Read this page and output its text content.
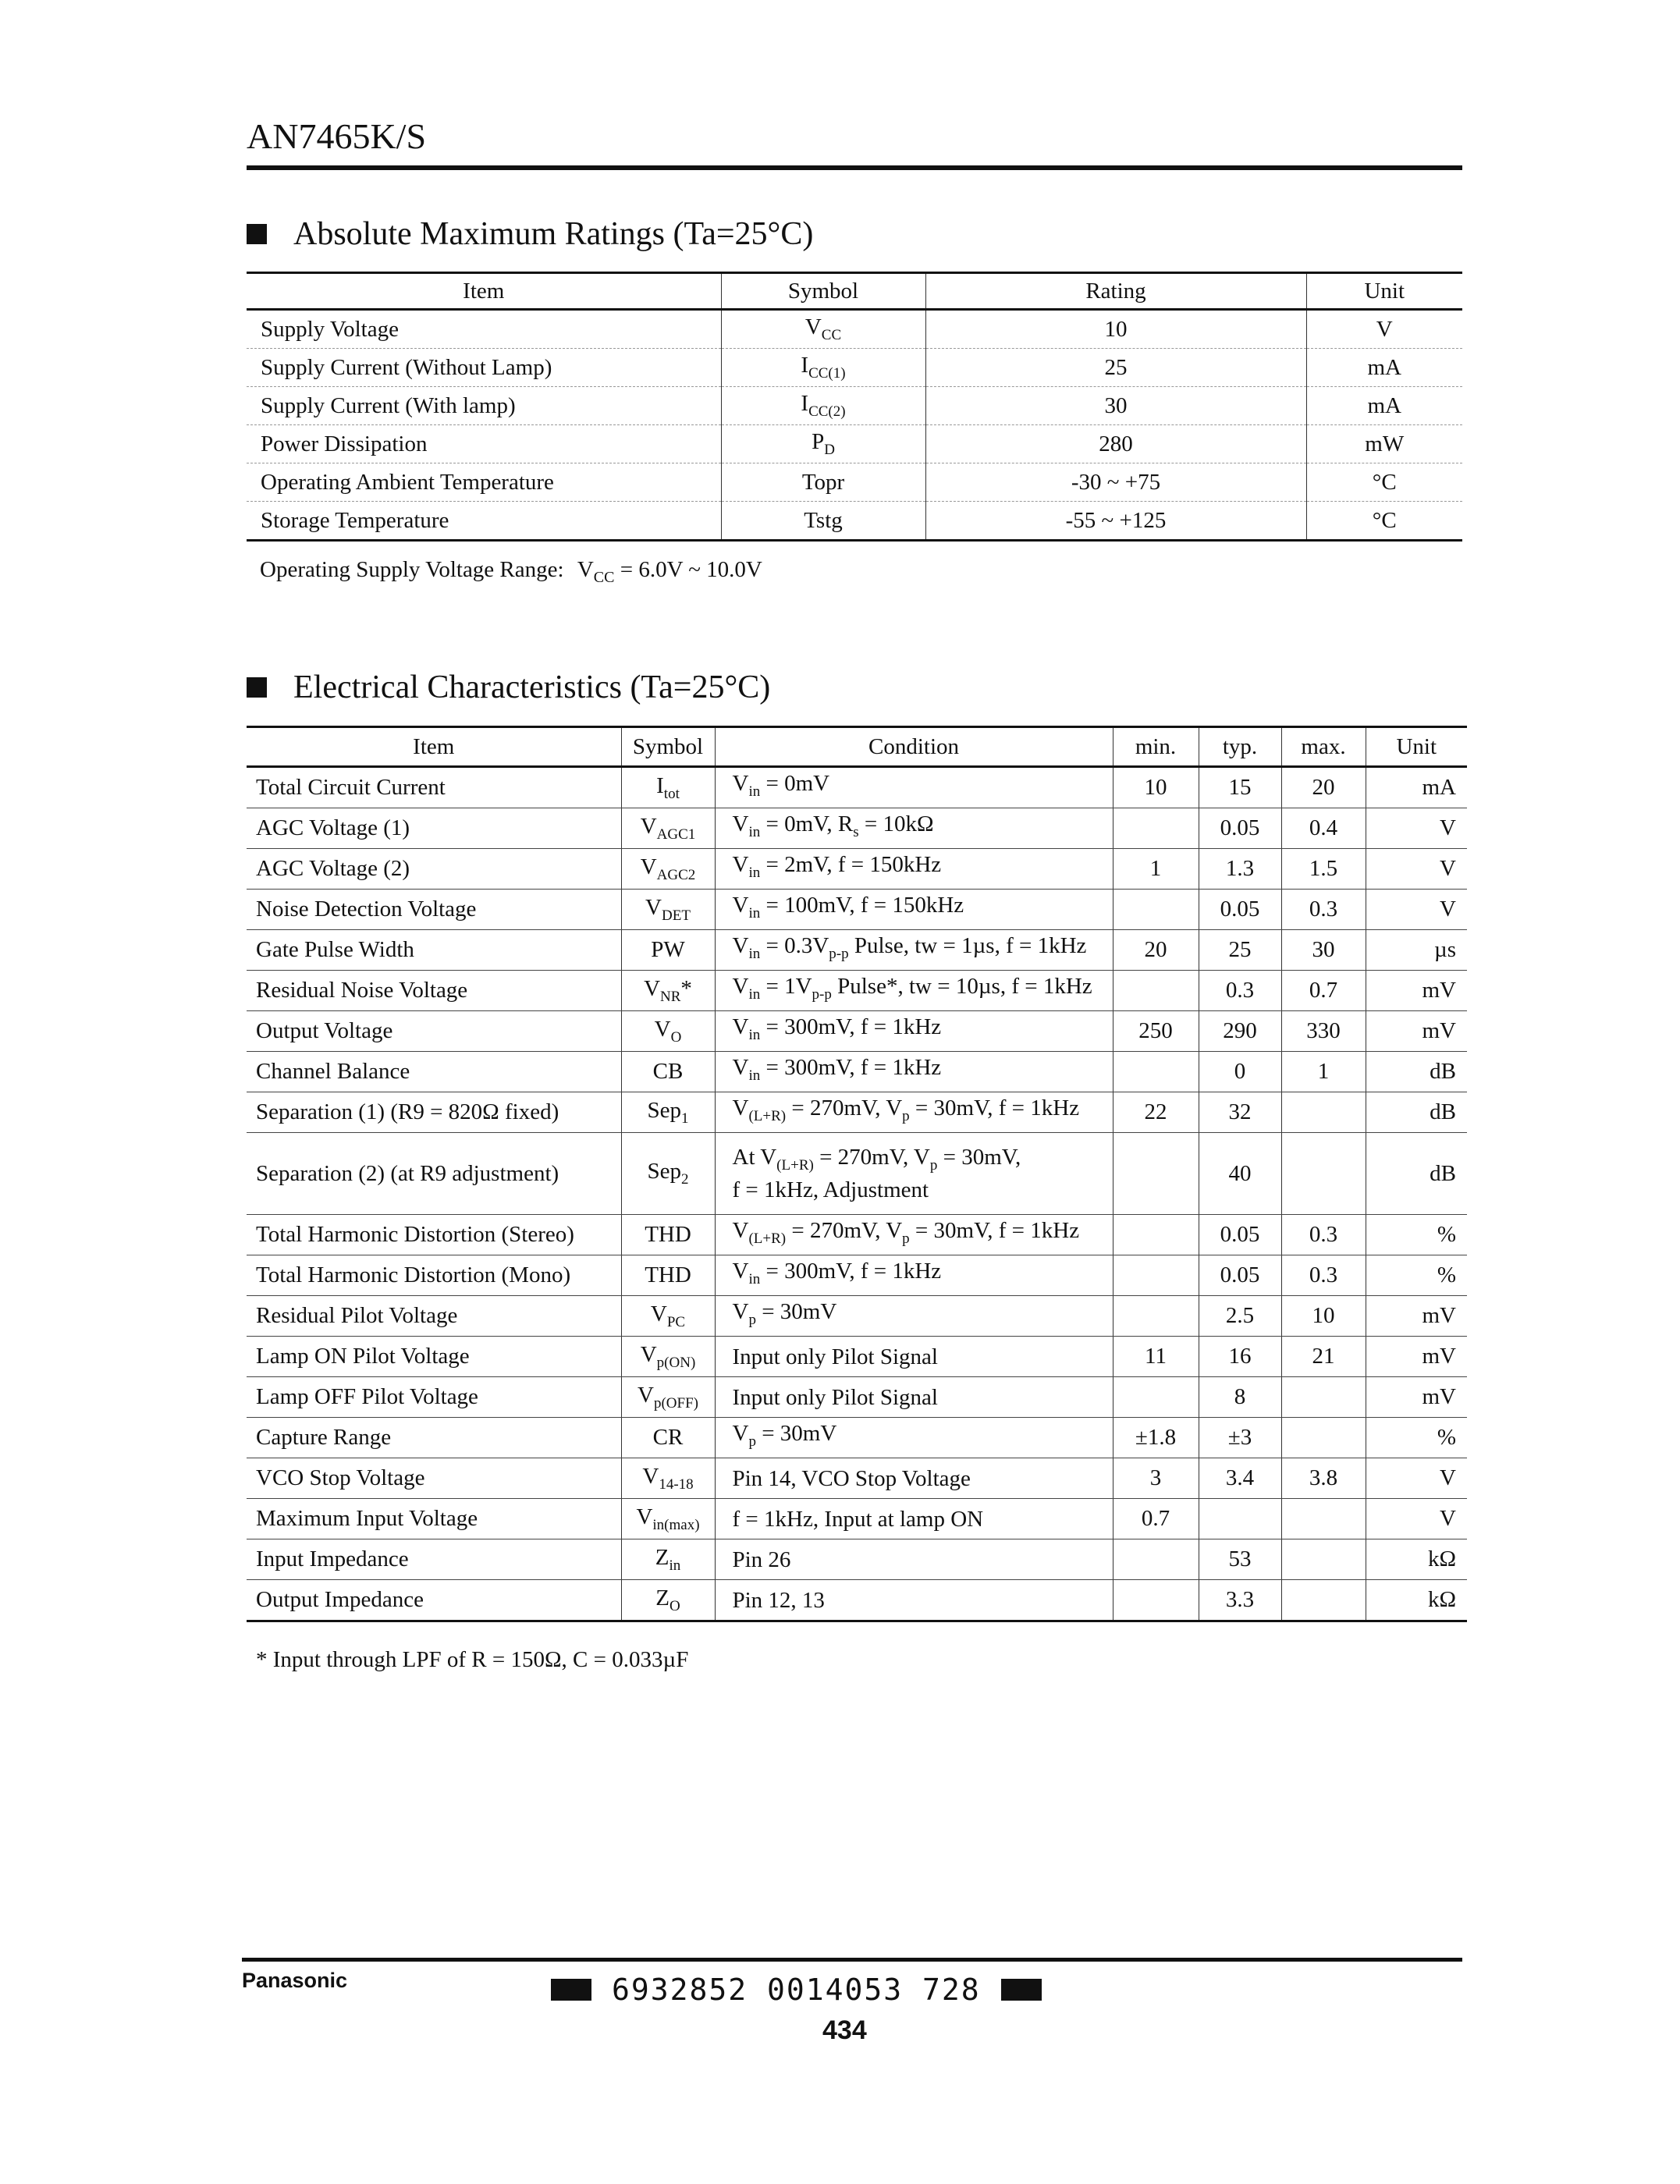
AN7465K/S
Absolute Maximum Ratings (Ta=25°C)
Item	Symbol	Rating	Unit
Supply Voltage	$V_{CC}$	10	V
Supply Current (Without Lamp)	$I_{CC(1)}$	25	mA
Supply Current (With lamp)	$I_{CC(2)}$	30	mA
Power Dissipation	$P_D$	280	mW
Operating Ambient Temperature	Topr	-30 ~ +75	°C
Storage Temperature	Tstg	-55 ~ +125	°C
Operating Supply Voltage Range: $V_{CC} = 6.0V$ ~ 10.0V
Electrical Characteristics (Ta=25°C)
Item	Symbol	Condition	min.	typ.	max.	Unit
Total Circuit Current	$I_{tot}$	$V_{in} = 0mV$	10	15	20	mA
AGC Voltage (1)	$V_{AGC1}$	$V_{in} = 0mV$, $R_s = 10k\Omega$		0.05	0.4	V
AGC Voltage (2)	$V_{AGC2}$	$V_{in} = 2mV$, f = 150kHz	1	1.3	1.5	V
Noise Detection Voltage	$V_{DET}$	$V_{in} = 100mV$, f = 150kHz		0.05	0.3	V
Gate Pulse Width	PW	$V_{in} = 0.3V_{p-p}$ Pulse, tw = 1µs, f = 1kHz	20	25	30	µs
Residual Noise Voltage	$V_{NR}*$	$V_{in} = 1V_{p-p}$ Pulse*, tw = 10µs, f = 1kHz		0.3	0.7	mV
Output Voltage	$V_O$	$V_{in} = 300mV$, f = 1kHz	250	290	330	mV
Channel Balance	CB	$V_{in} = 300mV$, f = 1kHz		0	1	dB
Separation (1) (R9 = 820Ω fixed)	Sep$_1$	$V_{(L+R)} = 270mV$, $V_p = 30mV$, f = 1kHz	22	32		dB
Separation (2) (at R9 adjustment)	Sep$_2$	At $V_{(L+R)} = 270mV$, $V_p = 30mV$,
f = 1kHz, Adjustment		40		dB
Total Harmonic Distortion (Stereo)	THD	$V_{(L+R)} = 270mV$, $V_p = 30mV$, f = 1kHz		0.05	0.3	%
Total Harmonic Distortion (Mono)	THD	$V_{in} = 300mV$, f = 1kHz		0.05	0.3	%
Residual Pilot Voltage	$V_{PC}$	$V_p = 30mV$		2.5	10	mV
Lamp ON Pilot Voltage	$V_{p(ON)}$	Input only Pilot Signal	11	16	21	mV
Lamp OFF Pilot Voltage	$V_{p(OFF)}$	Input only Pilot Signal		8		mV
Capture Range	CR	$V_p = 30mV$	±1.8	±3		%
VCO Stop Voltage	$V_{14-18}$	Pin 14, VCO Stop Voltage	3	3.4	3.8	V
Maximum Input Voltage	$V_{in(max)}$	f = 1kHz, Input at lamp ON	0.7			V
Input Impedance	$Z_{in}$	Pin 26		53		kΩ
Output Impedance	$Z_O$	Pin 12, 13		3.3		kΩ
* Input through LPF of R = 150Ω, C = 0.033µF
Panasonic	6932852 0014053 728
434
